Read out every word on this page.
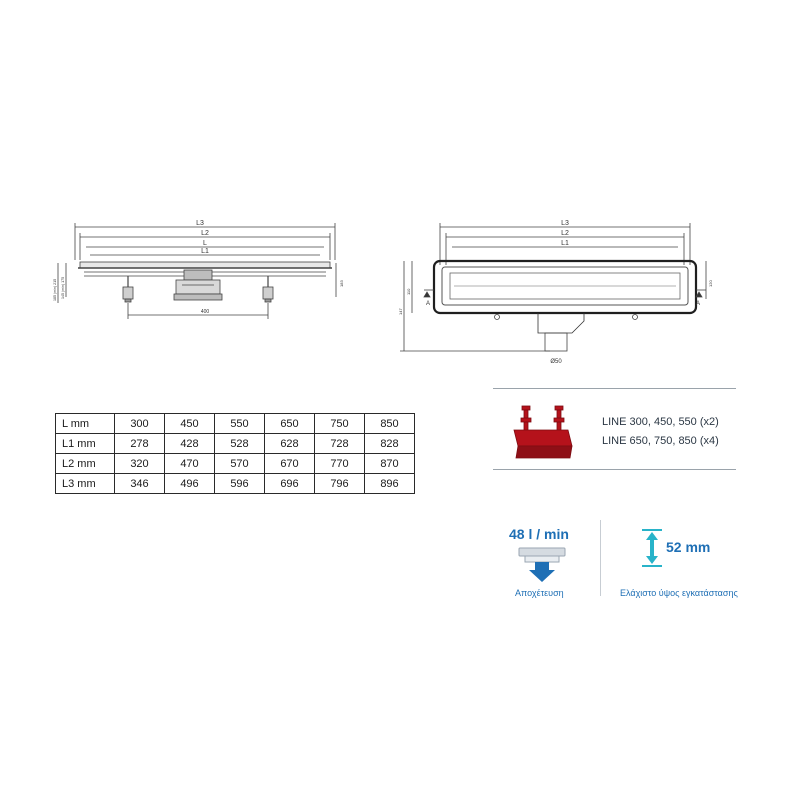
L3
L2
L
L1
400
185 (min) 215 145 (min) 175	183
L3
L2
L1
A	A
147
110
120
Ø50
L mm	300	450	550	650	750	850
L1 mm	278	428	528	628	728	828
L2 mm	320	470	570	670	770	870
L3 mm	346	496	596	696	796	896
LINE 300, 450, 550 (x2)
LINE 650, 750, 850 (x4)
48 l / min
Αποχέτευση
52 mm
Ελάχιστο ύψος εγκατάστασης
